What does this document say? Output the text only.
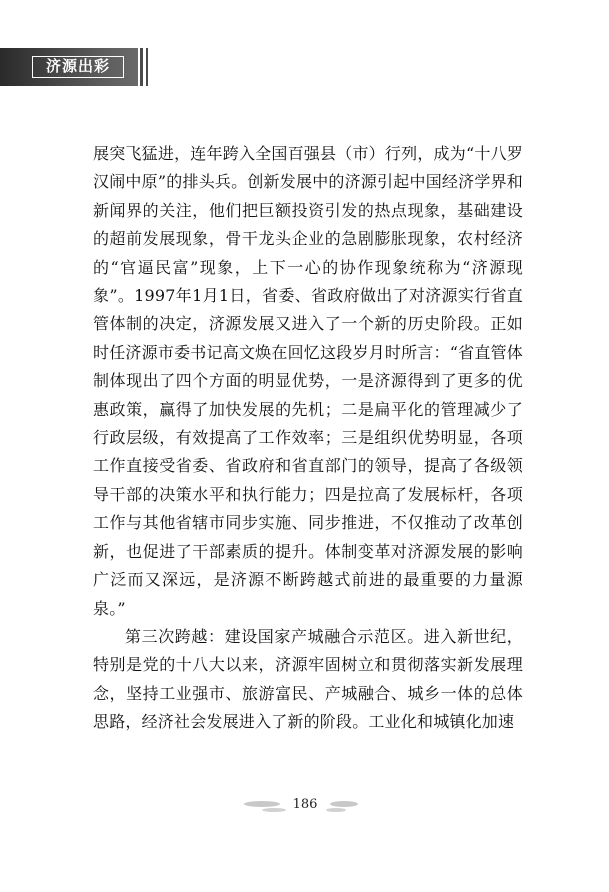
济源出彩

展突飞猛进，连年跨入全国百强县（市）行列，成为“十八罗汉闹中原”的排头兵。创新发展中的济源引起中国经济学界和新闻界的关注，他们把巨额投资引发的热点现象，基础建设的超前发展现象，骨干龙头企业的急剧膨胀现象，农村经济的“官逼民富”现象，上下一心的协作现象统称为“济源现象”。1997年1月1日，省委、省政府做出了对济源实行省直管体制的决定，济源发展又进入了一个新的历史阶段。正如时任济源市委书记高文焕在回忆这段岁月时所言：“省直管体制体现出了四个方面的明显优势，一是济源得到了更多的优惠政策，赢得了加快发展的先机；二是扁平化的管理减少了行政层级，有效提高了工作效率；三是组织优势明显，各项工作直接受省委、省政府和省直部门的领导，提高了各级领导干部的决策水平和执行能力；四是拉高了发展标杆，各项工作与其他省辖市同步实施、同步推进，不仅推动了改革创新，也促进了干部素质的提升。体制变革对济源发展的影响广泛而又深远，是济源不断跨越式前进的最重要的力量源泉。”

第三次跨越：建设国家产城融合示范区。进入新世纪，特别是党的十八大以来，济源牢固树立和贯彻落实新发展理念，坚持工业强市、旅游富民、产城融合、城乡一体的总体思路，经济社会发展进入了新的阶段。工业化和城镇化加速

186
